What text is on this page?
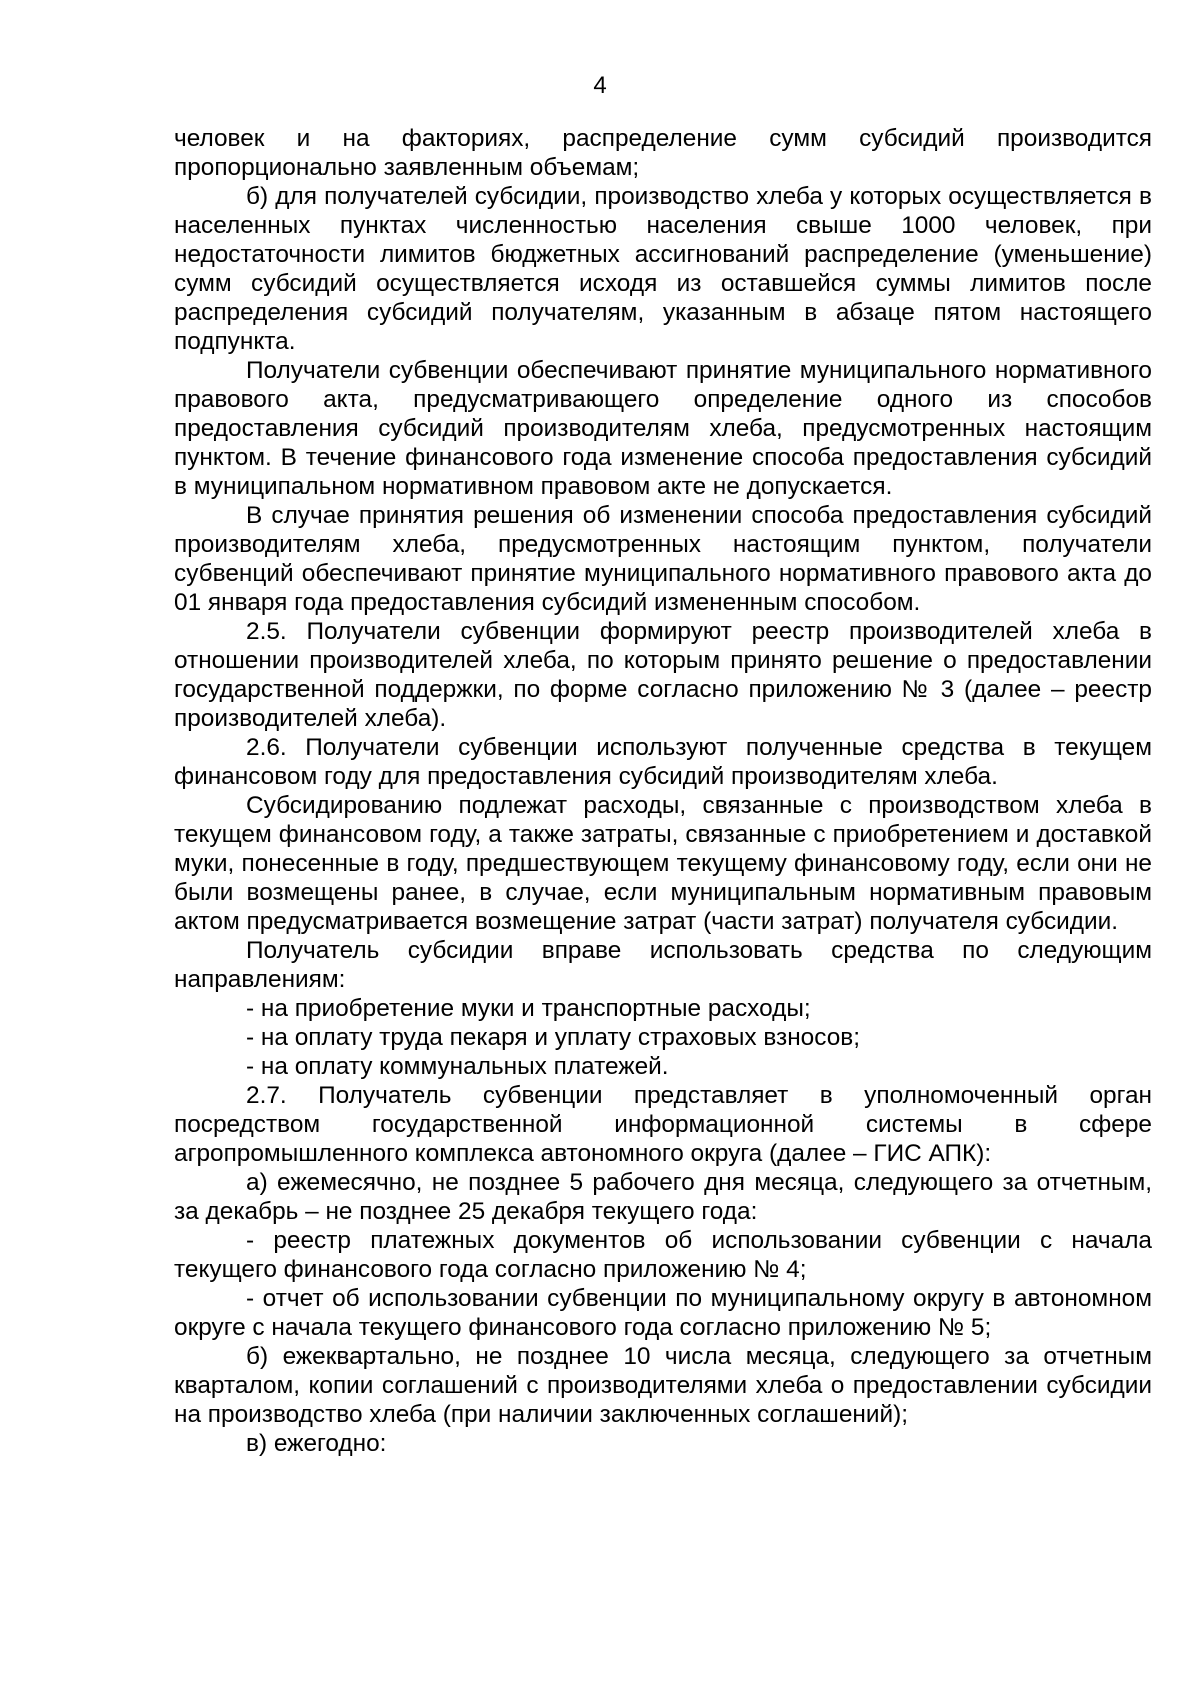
4

человек и на факториях, распределение сумм субсидий производится пропорционально заявленным объемам;

б) для получателей субсидии, производство хлеба у которых осуществляется в населенных пунктах численностью населения свыше 1000 человек, при недостаточности лимитов бюджетных ассигнований распределение (уменьшение) сумм субсидий осуществляется исходя из оставшейся суммы лимитов после распределения субсидий получателям, указанным в абзаце пятом настоящего подпункта.

Получатели субвенции обеспечивают принятие муниципального нормативного правового акта, предусматривающего определение одного из способов предоставления субсидий производителям хлеба, предусмотренных настоящим пунктом. В течение финансового года изменение способа предоставления субсидий в муниципальном нормативном правовом акте не допускается.

В случае принятия решения об изменении способа предоставления субсидий производителям хлеба, предусмотренных настоящим пунктом, получатели субвенций обеспечивают принятие муниципального нормативного правового акта до 01 января года предоставления субсидий измененным способом.

2.5. Получатели субвенции формируют реестр производителей хлеба в отношении производителей хлеба, по которым принято решение о предоставлении государственной поддержки, по форме согласно приложению № 3 (далее – реестр производителей хлеба).

2.6. Получатели субвенции используют полученные средства в текущем финансовом году для предоставления субсидий производителям хлеба.

Субсидированию подлежат расходы, связанные с производством хлеба в текущем финансовом году, а также затраты, связанные с приобретением и доставкой муки, понесенные в году, предшествующем текущему финансовому году, если они не были возмещены ранее, в случае, если муниципальным нормативным правовым актом предусматривается возмещение затрат (части затрат) получателя субсидии.

Получатель субсидии вправе использовать средства по следующим направлениям:

- на приобретение муки и транспортные расходы;

- на оплату труда пекаря и уплату страховых взносов;

- на оплату коммунальных платежей.

2.7. Получатель субвенции представляет в уполномоченный орган посредством государственной информационной системы в сфере агропромышленного комплекса автономного округа (далее – ГИС АПК):

а) ежемесячно, не позднее 5 рабочего дня месяца, следующего за отчетным, за декабрь – не позднее 25 декабря текущего года:

- реестр платежных документов об использовании субвенции с начала текущего финансового года согласно приложению № 4;

- отчет об использовании субвенции по муниципальному округу в автономном округе с начала текущего финансового года согласно приложению № 5;

б) ежеквартально, не позднее 10 числа месяца, следующего за отчетным кварталом, копии соглашений с производителями хлеба о предоставлении субсидии на производство хлеба (при наличии заключенных соглашений);

в) ежегодно:
